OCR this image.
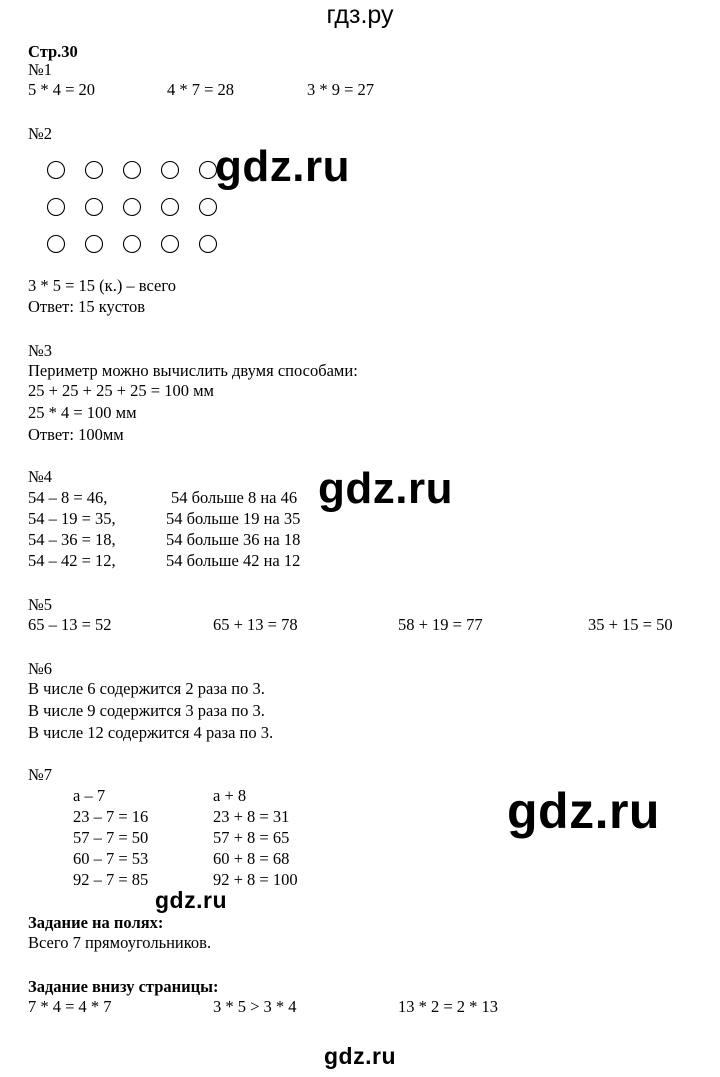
гдз.ру
Стр.30
№1
5 * 4 = 20	4 * 7 = 28	3 * 9 = 27
№2
gdz.ru
3 * 5 = 15 (к.) – всего
Ответ: 15 кустов
№3
Периметр можно вычислить двумя способами:
25 + 25 + 25 + 25 = 100 мм
25 * 4 = 100 мм
Ответ: 100мм
№4
54 – 8 = 46,	54 больше 8 на 46
54 – 19 = 35,	54 больше 19 на 35
54 – 36 = 18,	54 больше 36 на 18
54 – 42 = 12,	54 больше 42 на 12
gdz.ru
№5
65 – 13 = 52	65 + 13 = 78	58 + 19 = 77	35 + 15 = 50
№6
В числе 6 содержится 2 раза по 3.
В числе 9 содержится 3 раза по 3.
В числе 12 содержится 4 раза по 3.
№7
а – 7	а + 8
23 – 7 = 16	23 + 8 = 31
57 – 7 = 50	57 + 8 = 65
60 – 7 = 53	60 + 8 = 68
92 – 7 = 85	92 + 8 = 100
gdz.ru
gdz.ru
Задание на полях:
Всего 7 прямоугольников.
Задание внизу страницы:
7 * 4 = 4 * 7	3 * 5 > 3 * 4	13 * 2 = 2 * 13
gdz.ru
